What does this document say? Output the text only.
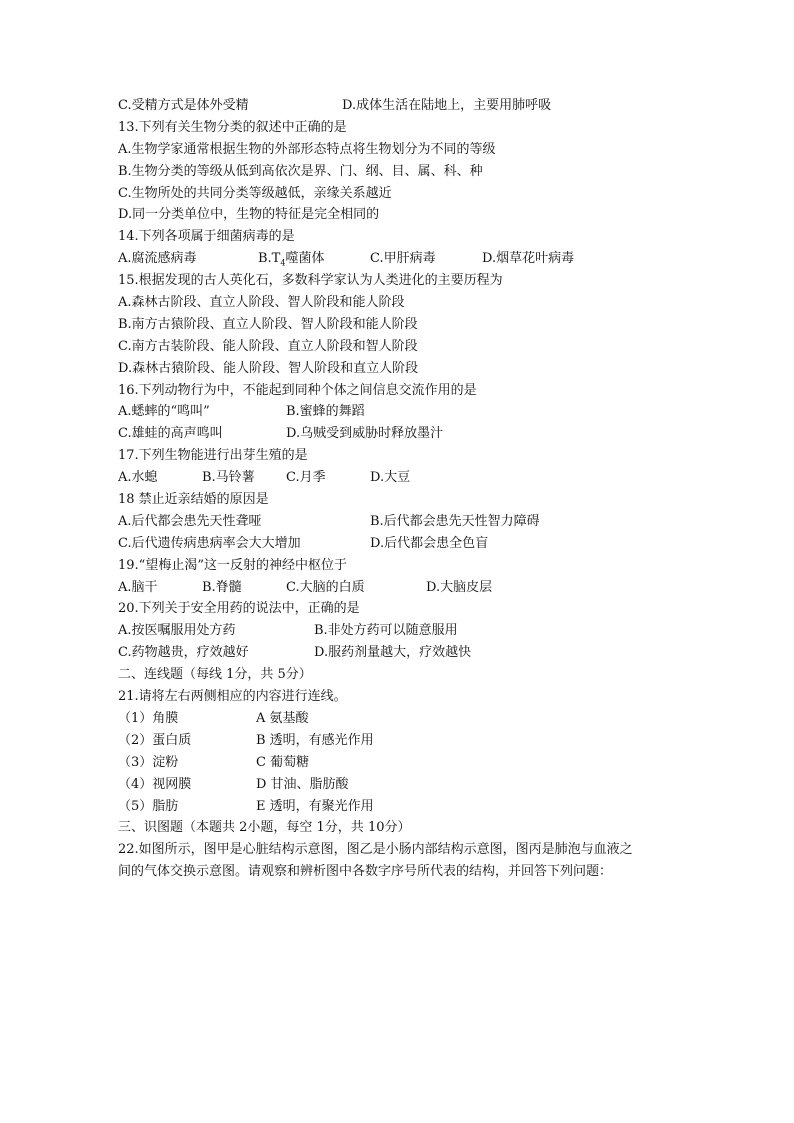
C.受精方式是体外受精	D.成体生活在陆地上，主要用肺呼吸
13.下列有关生物分类的叙述中正确的是
A.生物学家通常根据生物的外部形态特点将生物划分为不同的等级
B.生物分类的等级从低到高依次是界、门、纲、目、属、科、种
C.生物所处的共同分类等级越低，亲缘关系越近
D.同一分类单位中，生物的特征是完全相同的
14.下列各项属于细菌病毒的是
A.腐流感病毒	$B.T_4$噬菌体	C.甲肝病毒	D.烟草花叶病毒
15.根据发现的古人英化石，多数科学家认为人类进化的主要历程为
A.森林古阶段、直立人阶段、智人阶段和能人阶段
B.南方古猿阶段、直立人阶段、智人阶段和能人阶段
C.南方古装阶段、能人阶段、直立人阶段和智人阶段
D.森林古猿阶段、能人阶段、智人阶段和直立人阶段
16.下列动物行为中，不能起到同种个体之间信息交流作用的是
A.蟋蟀的“鸣叫”	B.蜜蜂的舞蹈
C.雄蛙的高声鸣叫	D.乌贼受到威胁时释放墨汁
17.下列生物能进行出芽生殖的是
A.水螅	B.马铃薯 C.月季	D.大豆
18 禁止近亲结婚的原因是
A.后代都会患先天性聋哑	B.后代都会患先天性智力障碍
C.后代遗传病患病率会大大增加	D.后代都会患全色盲
19.“望梅止渴”这一反射的神经中枢位于
A.脑干	B.脊髓	C.大脑的白质	D.大脑皮层
20.下列关于安全用药的说法中，正确的是
A.按医嘱服用处方药	B.非处方药可以随意服用
C.药物越贵，疗效越好	D.服药剂量越大，疗效越快
二、连线题（每线 1分，共 5分）
21.请将左右两侧相应的内容进行连线。
（1）角膜	A 氨基酸
（2）蛋白质	B 透明，有感光作用
（3）淀粉	C 葡萄糖
（4）视网膜	D 甘油、脂肪酸
（5）脂肪	E 透明，有聚光作用
三、识图题（本题共 2小题，每空 1分，共 10分）
22.如图所示，图甲是心脏结构示意图，图乙是小肠内部结构示意图，图丙是肺泡与血液之
间的气体交换示意图。请观察和辨析图中各数字序号所代表的结构，并回答下列问题：
